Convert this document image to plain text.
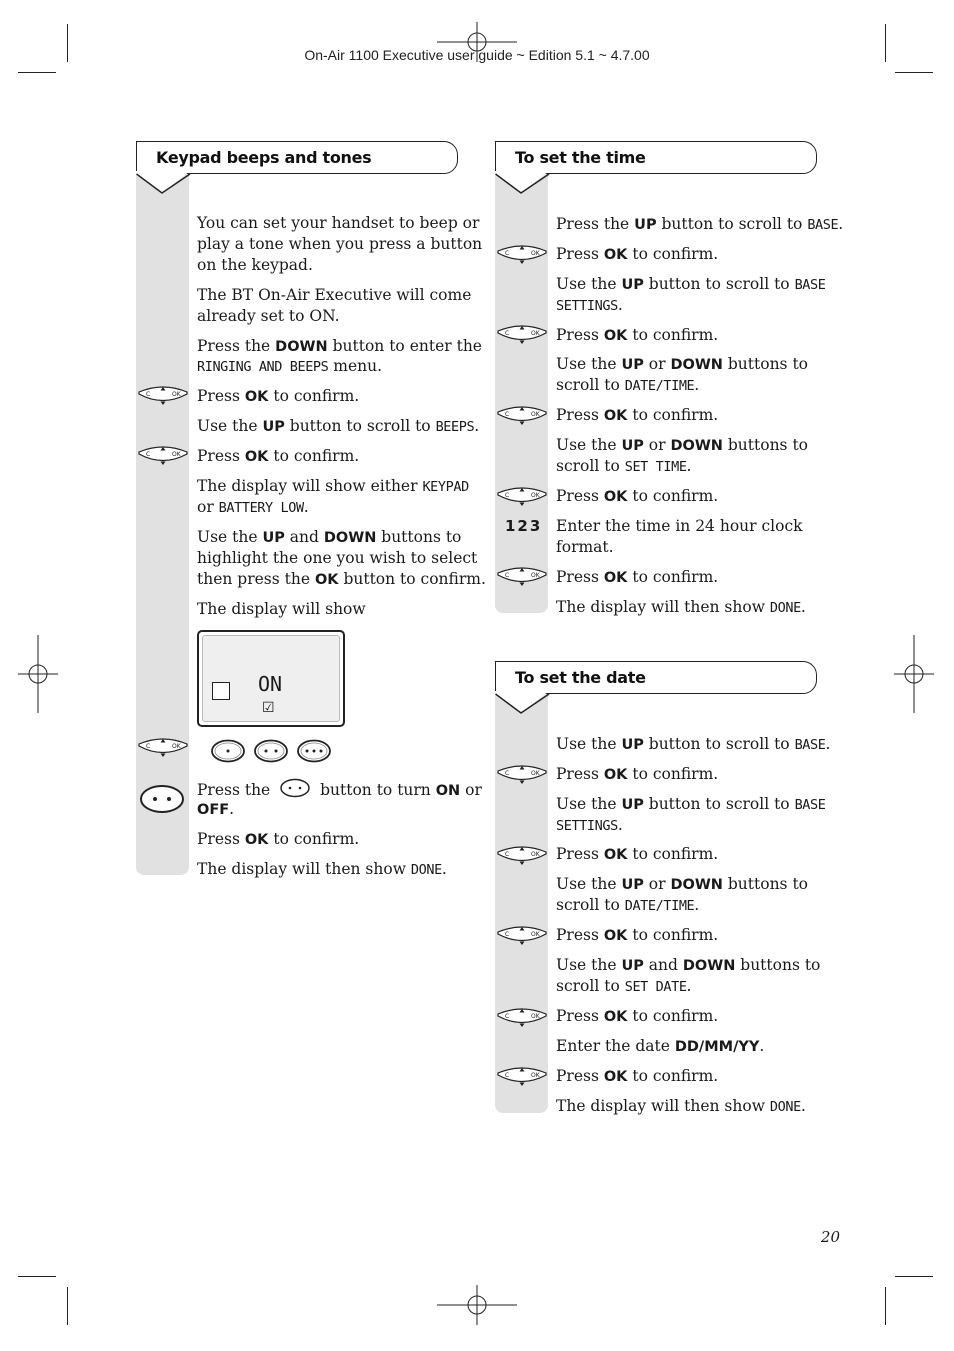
On-Air 1100 Executive user guide ~ Edition 5.1 ~ 4.7.00
20
Keypad beeps and tones
You can set your handset to beep or
play a tone when you press a button
on the keypad.
The BT On-Air Executive will come
already set to ON.
Press the DOWN button to enter the
RINGING AND BEEPS menu.
Press OK to confirm.
Use the UP button to scroll to BEEPS.
Press OK to confirm.
The display will show either KEYPAD
or BATTERY LOW.
Use the UP and DOWN buttons to
highlight the one you wish to select
then press the OK button to confirm.
The display will show
ON
☑
Press the	button to turn ON or
OFF.
Press OK to confirm.
The display will then show DONE.
To set the time
Press the UP button to scroll to BASE.
Press OK to confirm.
Use the UP button to scroll to BASE
SETTINGS.
Press OK to confirm.
Use the UP or DOWN buttons to
scroll to DATE/TIME.
Press OK to confirm.
Use the UP or DOWN buttons to
scroll to SET TIME.
Press OK to confirm.
123 Enter the time in 24 hour clock
format.
Press OK to confirm.
The display will then show DONE.
To set the date
Use the UP button to scroll to BASE.
Press OK to confirm.
Use the UP button to scroll to BASE
SETTINGS.
Press OK to confirm.
Use the UP or DOWN buttons to
scroll to DATE/TIME.
Press OK to confirm.
Use the UP and DOWN buttons to
scroll to SET DATE.
Press OK to confirm.
Enter the date DD/MM/YY.
Press OK to confirm.
The display will then show DONE.
C	OK
C	OK
C	OK
C	OK
C	OK
C	OK
C	OK
C	OK
C	OK
C	OK
C	OK
C	OK
C	OK
